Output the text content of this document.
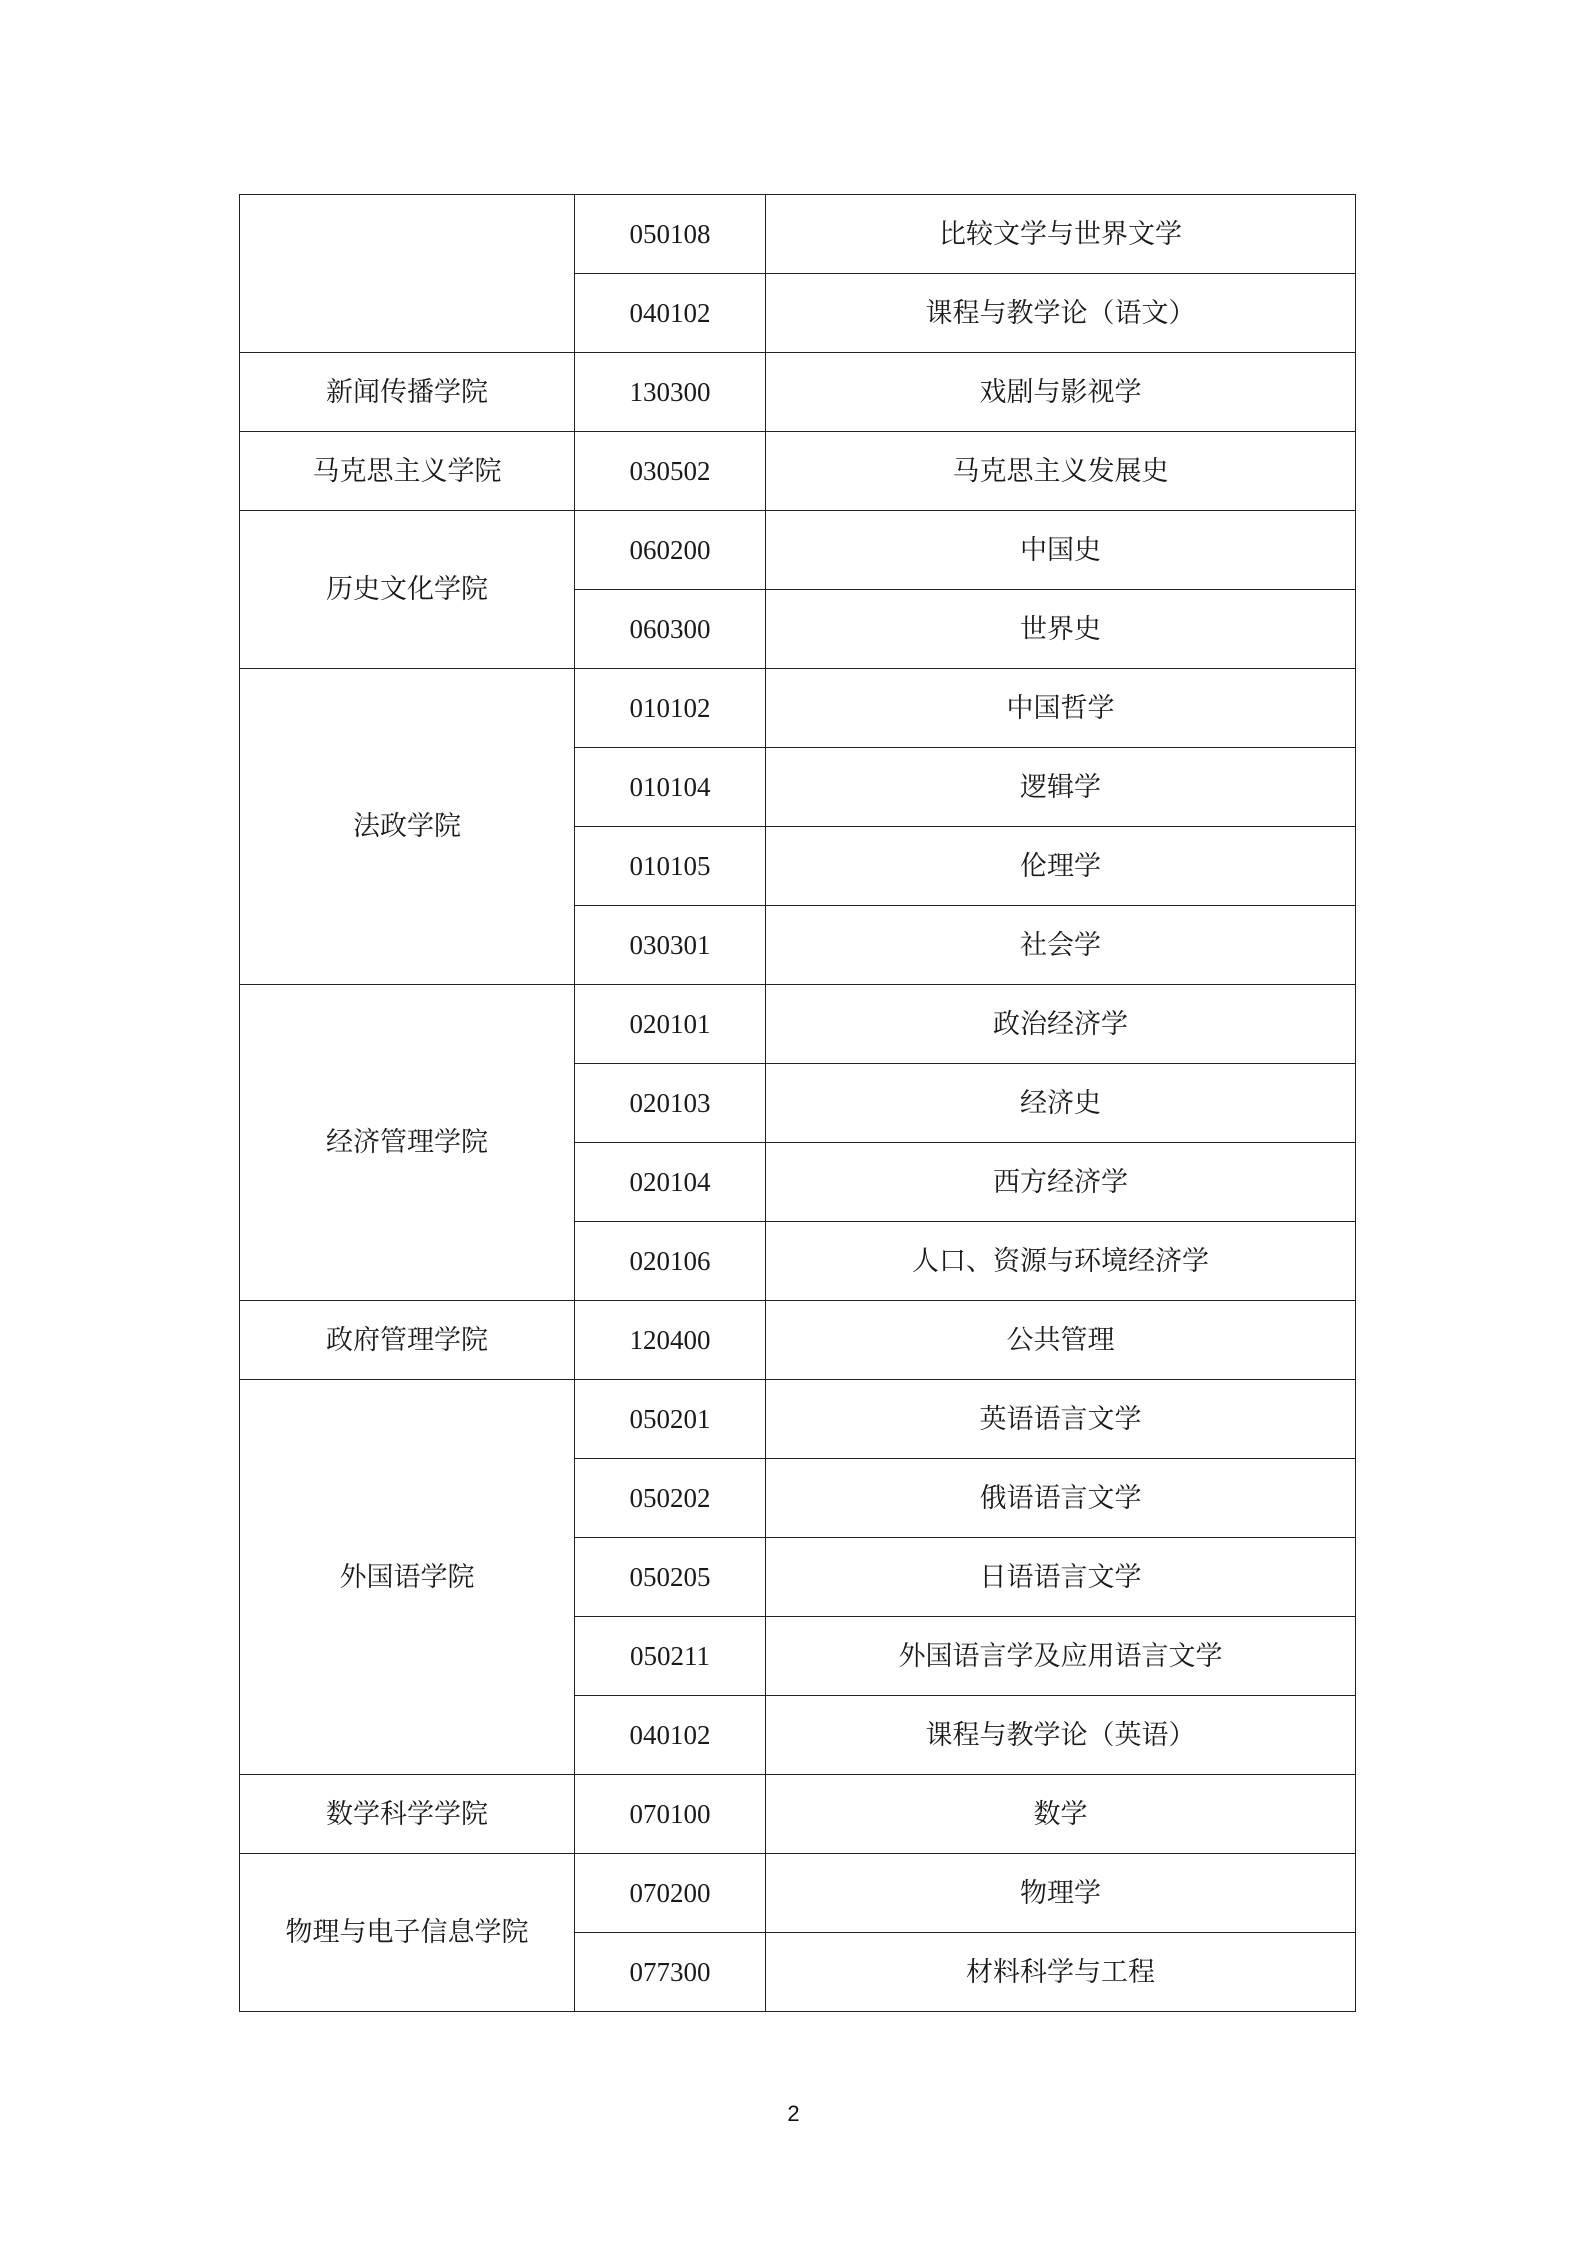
	050108	比较文学与世界文学
	040102	课程与教学论（语文）
新闻传播学院	130300	戏剧与影视学
马克思主义学院	030502	马克思主义发展史
历史文化学院	060200	中国史
	060300	世界史
法政学院	010102	中国哲学
	010104	逻辑学
	010105	伦理学
	030301	社会学
经济管理学院	020101	政治经济学
	020103	经济史
	020104	西方经济学
	020106	人口、资源与环境经济学
政府管理学院	120400	公共管理
外国语学院	050201	英语语言文学
	050202	俄语语言文学
	050205	日语语言文学
	050211	外国语言学及应用语言文学
	040102	课程与教学论（英语）
数学科学学院	070100	数学
物理与电子信息学院	070200	物理学
	077300	材料科学与工程
2
